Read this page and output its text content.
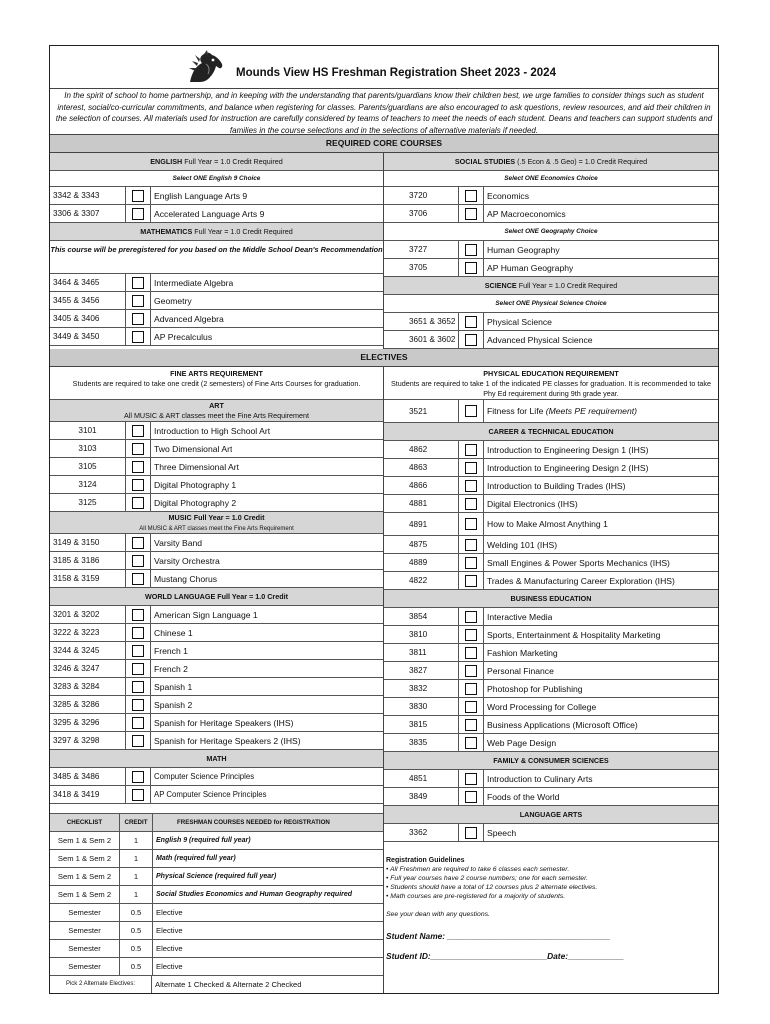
Mounds View HS Freshman Registration Sheet 2023 - 2024
In the spirit of school to home partnership, and in keeping with the understanding that parents/guardians know their children best, we urge families to consider things such as student interest, social/co-curricular commitments, and balance when registering for classes. Parents/guardians are also encouraged to ask questions, review resources, and aid their children in the selection of courses. All materials used for instruction are carefully considered by teams of teachers to meet the needs of each student. Deans and teachers can support students and families in the course selections and in the selections of alternative materials if needed.
REQUIRED CORE COURSES
ENGLISH Full Year = 1.0 Credit Required
Select ONE English 9 Choice
3342 & 3343	English Language Arts 9
3306 & 3307	Accelerated Language Arts 9
MATHEMATICS Full Year = 1.0 Credit Required
This course will be preregistered for you based on the Middle School Dean's Recommendation
3464 & 3465	Intermediate Algebra
3455 & 3456	Geometry
3405 & 3406	Advanced Algebra
3449 & 3450	AP Precalculus
SOCIAL STUDIES (.5 Econ & .5 Geo) = 1.0 Credit Required
Select ONE Economics Choice
3720	Economics
3706	AP Macroeconomics
Select ONE Geography Choice
3727	Human Geography
3705	AP Human Geography
SCIENCE Full Year = 1.0 Credit Required
Select ONE Physical Science Choice
3651 & 3652	Physical Science
3601 & 3602	Advanced Physical Science
ELECTIVES
FINE ARTS REQUIREMENT
Students are required to take one credit (2 semesters) of Fine Arts Courses for graduation.
ART
All MUSIC & ART classes meet the Fine Arts Requirement
3101	Introduction to High School Art
3103	Two Dimensional Art
3105	Three Dimensional Art
3124	Digital Photography 1
3125	Digital Photography 2
MUSIC Full Year = 1.0 Credit
All MUSIC & ART classes meet the Fine Arts Requirement
3149 & 3150	Varsity Band
3185 & 3186	Varsity Orchestra
3158 & 3159	Mustang Chorus
WORLD LANGUAGE Full Year = 1.0 Credit
3201 & 3202	American Sign Language 1
3222 & 3223	Chinese 1
3244 & 3245	French 1
3246 & 3247	French 2
3283 & 3284	Spanish 1
3285 & 3286	Spanish 2
3295 & 3296	Spanish for Heritage Speakers (IHS)
3297 & 3298	Spanish for Heritage Speakers 2 (IHS)
MATH
3485 & 3486	Computer Science Principles
3418 & 3419	AP Computer Science Principles
CHECKLIST	CREDIT	FRESHMAN COURSES NEEDED for REGISTRATION
Sem 1 & Sem 2	1	English 9 (required full year)
Sem 1 & Sem 2	1	Math (required full year)
Sem 1 & Sem 2	1	Physical Science (required full year)
Sem 1 & Sem 2	1	Social Studies Economics and Human Geography required
Semester	0.5	Elective
Semester	0.5	Elective
Semester	0.5	Elective
Semester	0.5	Elective
Pick 2 Alternate Electives:	Alternate 1 Checked & Alternate 2 Checked
PHYSICAL EDUCATION REQUIREMENT
Students are required to take 1 of the indicated PE classes for graduation. It is recommended to take Phy Ed requirement during 9th grade year.
3521	Fitness for Life (Meets PE requirement)
CAREER & TECHNICAL EDUCATION
4862	Introduction to Engineering Design 1 (IHS)
4863	Introduction to Engineering Design 2 (IHS)
4866	Introduction to Building Trades (IHS)
4881	Digital Electronics (IHS)
4891	How to Make Almost Anything 1
4875	Welding 101 (IHS)
4889	Small Engines & Power Sports Mechanics (IHS)
4822	Trades & Manufacturing Career Exploration (IHS)
BUSINESS EDUCATION
3854	Interactive Media
3810	Sports, Entertainment & Hospitality Marketing
3811	Fashion Marketing
3827	Personal Finance
3832	Photoshop for Publishing
3830	Word Processing for College
3815	Business Applications (Microsoft Office)
3835	Web Page Design
FAMILY & CONSUMER SCIENCES
4851	Introduction to Culinary Arts
3849	Foods of the World
LANGUAGE ARTS
3362	Speech
Registration Guidelines
• All Freshmen are required to take 6 classes each semester.
• Full year courses have 2 course numbers; one for each semester.
• Students should have a total of 12 courses plus 2 alternate electives.
• Math courses are pre-registered for a majority of students.
See your dean with any questions.
Student Name: ___________________________________
Student ID:_________________________Date:____________
